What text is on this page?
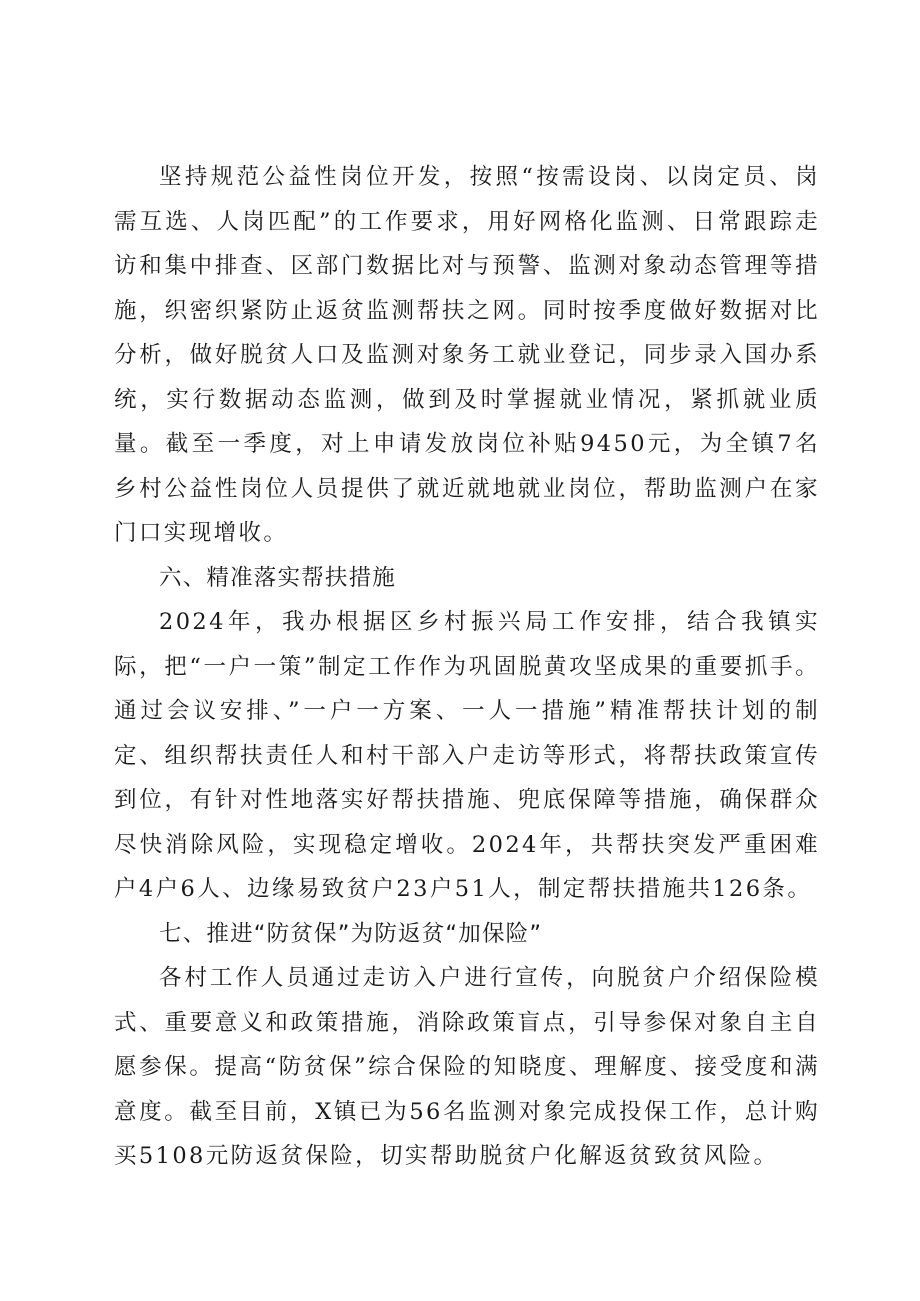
坚持规范公益性岗位开发，按照“按需设岗、以岗定员、岗需互选、人岗匹配”的工作要求，用好网格化监测、日常跟踪走访和集中排查、区部门数据比对与预警、监测对象动态管理等措施，织密织紧防止返贫监测帮扶之网。同时按季度做好数据对比分析，做好脱贫人口及监测对象务工就业登记，同步录入国办系统，实行数据动态监测，做到及时掌握就业情况，紧抓就业质量。截至一季度，对上申请发放岗位补贴9450元，为全镇7名乡村公益性岗位人员提供了就近就地就业岗位，帮助监测户在家门口实现增收。

六、精准落实帮扶措施

2024年，我办根据区乡村振兴局工作安排，结合我镇实际，把“一户一策”制定工作作为巩固脱黄攻坚成果的重要抓手。通过会议安排、”一户一方案、一人一措施”精准帮扶计划的制定、组织帮扶责任人和村干部入户走访等形式，将帮扶政策宣传到位，有针对性地落实好帮扶措施、兜底保障等措施，确保群众尽快消除风险，实现稳定增收。2024年，共帮扶突发严重困难户4户6人、边缘易致贫户23户51人，制定帮扶措施共126条。

七、推进“防贫保”为防返贫“加保险”

各村工作人员通过走访入户进行宣传，向脱贫户介绍保险模式、重要意义和政策措施，消除政策盲点，引导参保对象自主自愿参保。提高“防贫保”综合保险的知晓度、理解度、接受度和满意度。截至目前，X镇已为56名监测对象完成投保工作，总计购买5108元防返贫保险，切实帮助脱贫户化解返贫致贫风险。
